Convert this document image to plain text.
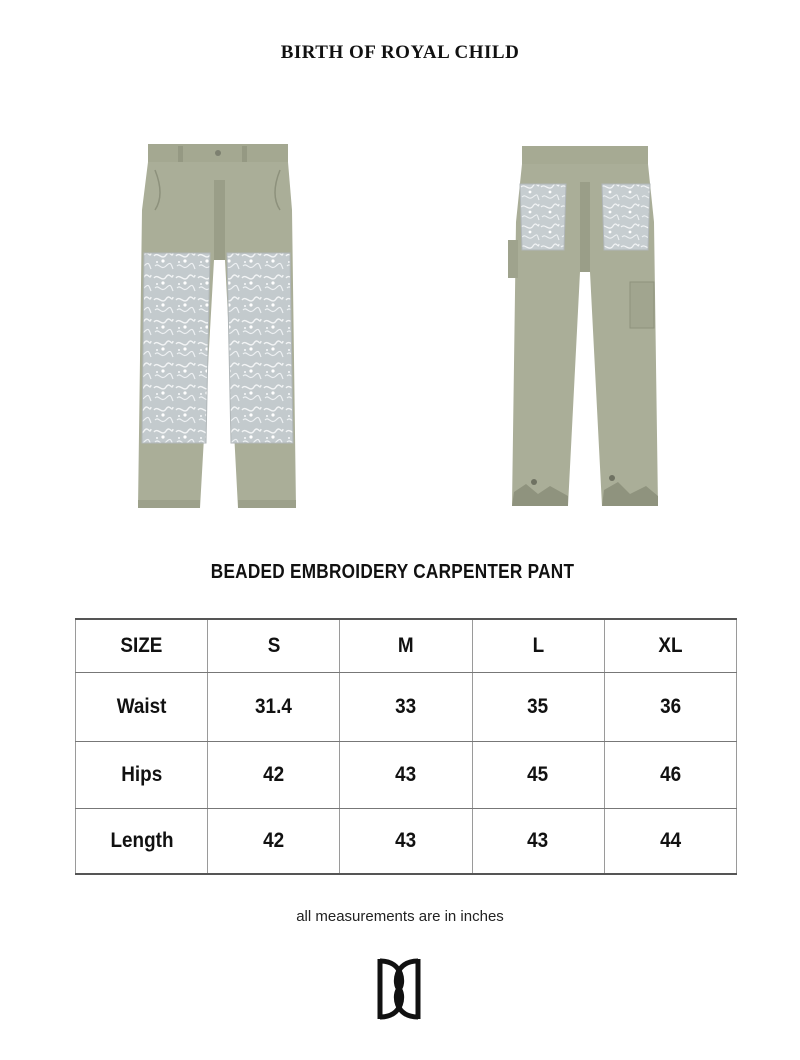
BIRTH OF ROYAL CHILD
BEADED EMBROIDERY CARPENTER PANT
SIZE	S	M	L	XL
Waist	31.4	33	35	36
Hips	42	43	45	46
Length	42	43	43	44
all measurements are in inches
